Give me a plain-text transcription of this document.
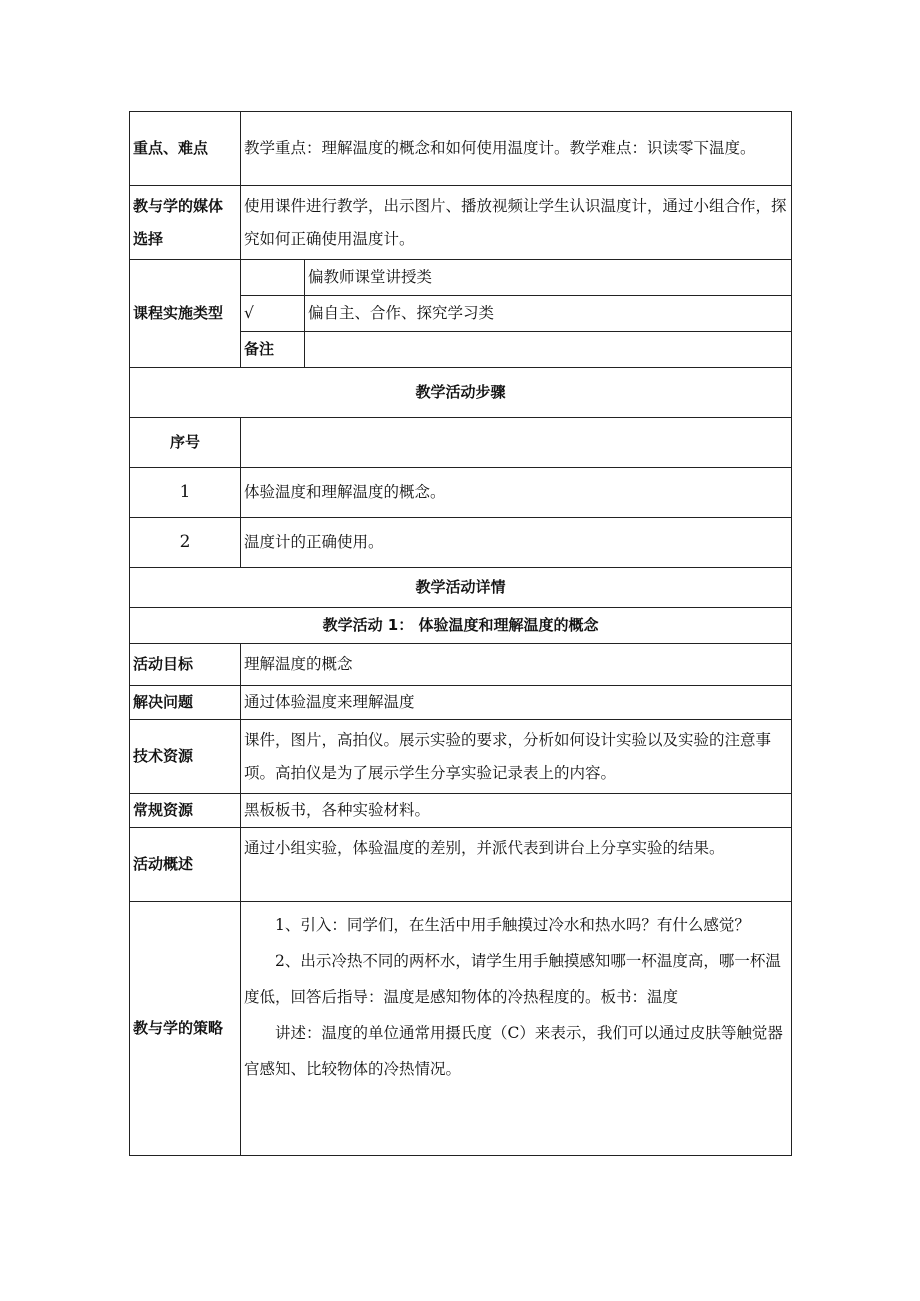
重点、难点	教学重点：理解温度的概念和如何使用温度计。教学难点：识读零下温度。	
教与学的媒体选择	使用课件进行教学，出示图片、播放视频让学生认识温度计，通过小组合作，探究如何正确使用温度计。	
课程实施类型		偏教师课堂讲授类
	√	偏自主、合作、探究学习类
	备注	
教学活动步骤		
序号		
1	体验温度和理解温度的概念。	
2	温度计的正确使用。	
教学活动详情		
教学活动 1： 体验温度和理解温度的概念		
活动目标	理解温度的概念	
解决问题	通过体验温度来理解温度	
技术资源	课件，图片，高拍仪。展示实验的要求，分析如何设计实验以及实验的注意事项。高拍仪是为了展示学生分享实验记录表上的内容。	
常规资源	黑板板书，各种实验材料。	
活动概述	通过小组实验，体验温度的差别，并派代表到讲台上分享实验的结果。	
教与学的策略	1、引入：同学们，在生活中用手触摸过冷水和热水吗？有什么感觉？

2、出示冷热不同的两杯水，请学生用手触摸感知哪一杯温度高，哪一杯温度低，回答后指导：温度是感知物体的冷热程度的。板书：温度

讲述：温度的单位通常用摄氏度（C）来表示，我们可以通过皮肤等触觉器官感知、比较物体的冷热情况。	
